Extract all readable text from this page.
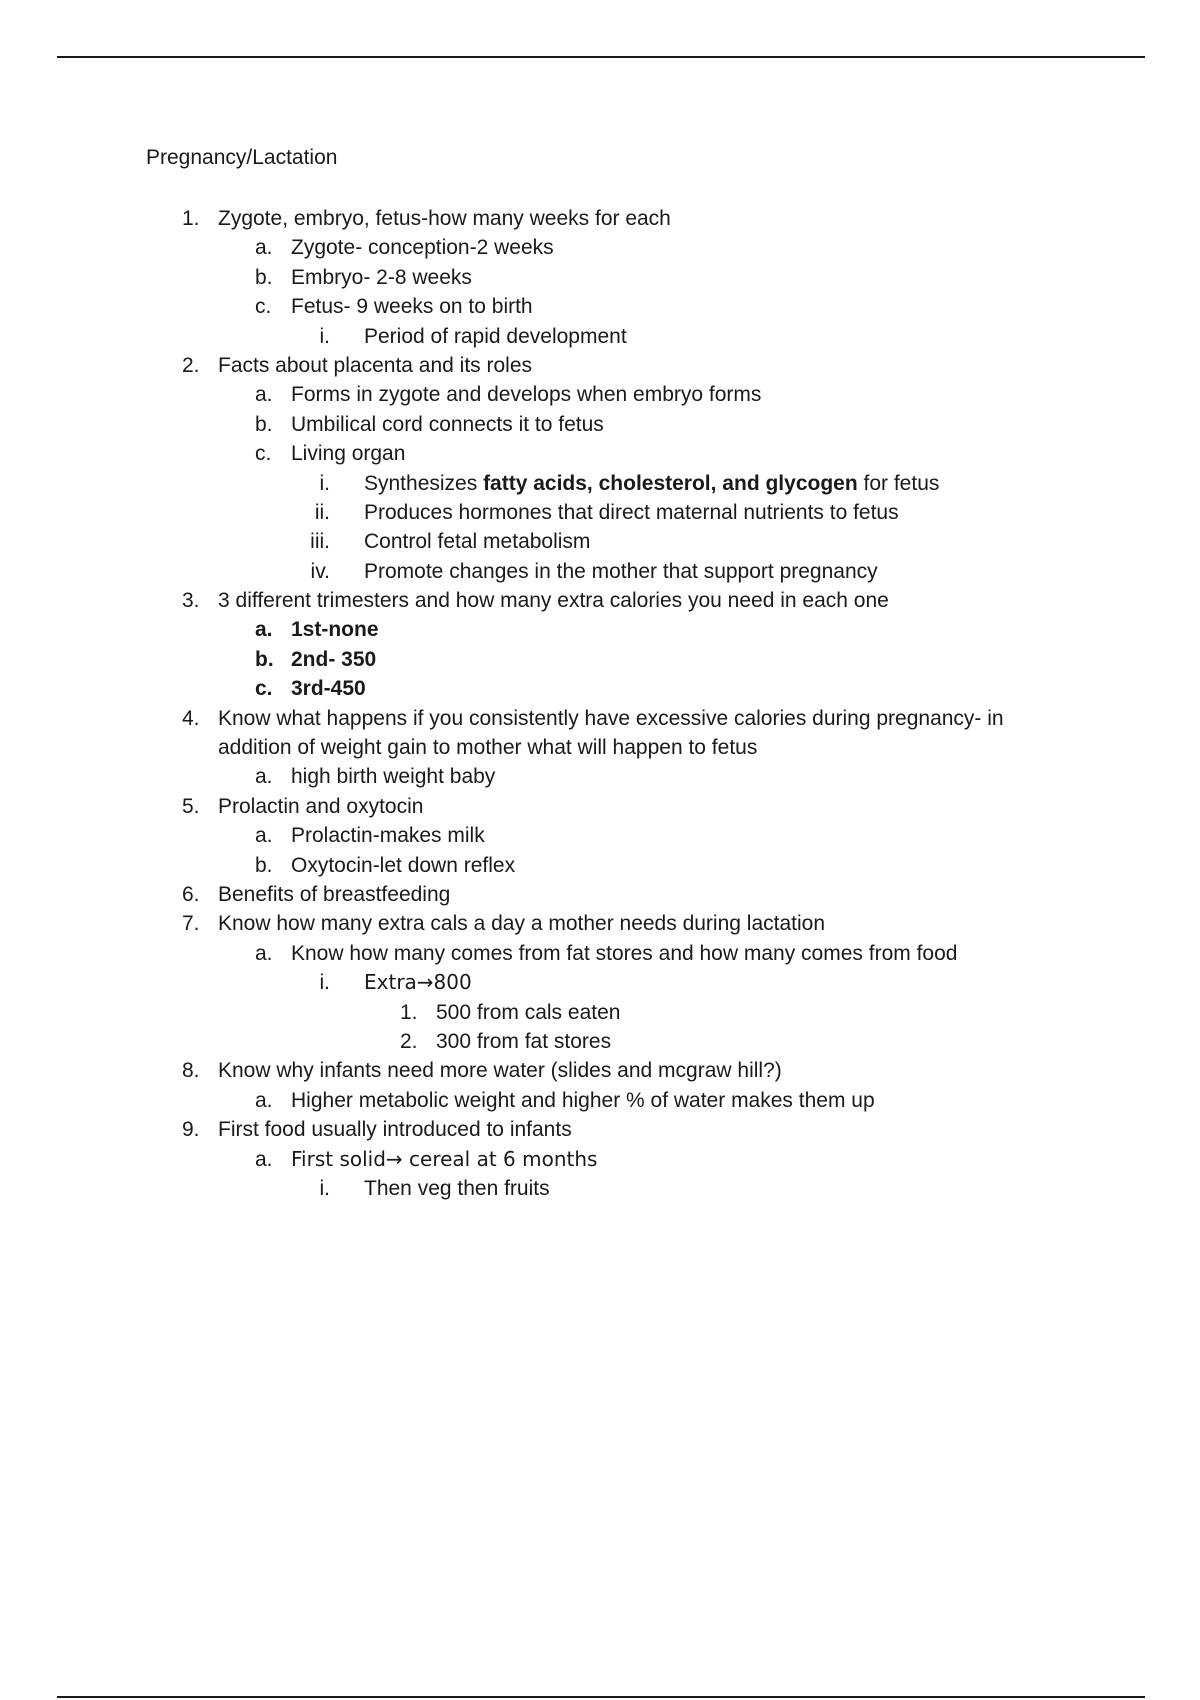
Pregnancy/Lactation
1. Zygote, embryo, fetus-how many weeks for each
a. Zygote- conception-2 weeks
b. Embryo- 2-8 weeks
c. Fetus- 9 weeks on to birth
i. Period of rapid development
2. Facts about placenta and its roles
a. Forms in zygote and develops when embryo forms
b. Umbilical cord connects it to fetus
c. Living organ
i. Synthesizes fatty acids, cholesterol, and glycogen for fetus
ii. Produces hormones that direct maternal nutrients to fetus
iii. Control fetal metabolism
iv. Promote changes in the mother that support pregnancy
3. 3 different trimesters and how many extra calories you need in each one
a. 1st-none
b. 2nd- 350
c. 3rd-450
4. Know what happens if you consistently have excessive calories during pregnancy- in addition of weight gain to mother what will happen to fetus
a. high birth weight baby
5. Prolactin and oxytocin
a. Prolactin-makes milk
b. Oxytocin-let down reflex
6. Benefits of breastfeeding
7. Know how many extra cals a day a mother needs during lactation
a. Know how many comes from fat stores and how many comes from food
i. Extra→800
1. 500 from cals eaten
2. 300 from fat stores
8. Know why infants need more water (slides and mcgraw hill?)
a. Higher metabolic weight and higher % of water makes them up
9. First food usually introduced to infants
a. First solid→ cereal at 6 months
i. Then veg then fruits
